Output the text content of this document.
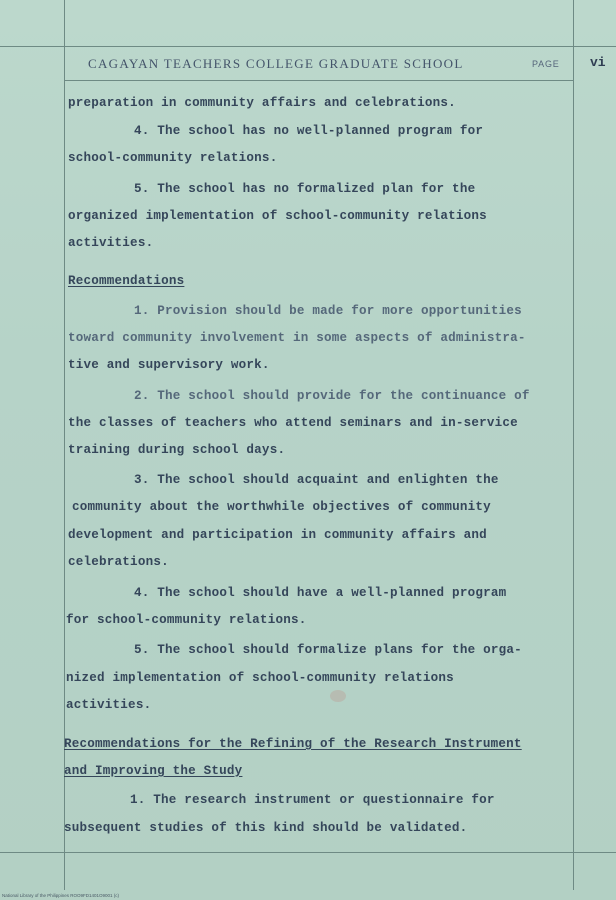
CAGAYAN TEACHERS COLLEGE GRADUATE SCHOOL	PAGE vi
preparation in community affairs and celebrations.
4. The school has no well-planned program for
school-community relations.
5. The school has no formalized plan for the
organized implementation of school-community relations
activities.
Recommendations
1. Provision should be made for more opportunities
toward community involvement in some aspects of administra-
tive and supervisory work.
2. The school should provide for the continuance of
the classes of teachers who attend seminars and in-service
training during school days.
3. The school should acquaint and enlighten the
community about the worthwhile objectives of community
development and participation in community affairs and
celebrations.
4. The school should have a well-planned program
for school-community relations.
5. The school should formalize plans for the orga-
nized implementation of school-community relations
activities.
Recommendations for the Refining of the Research Instrument
and Improving the Study
1. The research instrument or questionnaire for
subsequent studies of this kind should be validated.
National Library of the Philippines ROO9FD1401O9001 (c)
